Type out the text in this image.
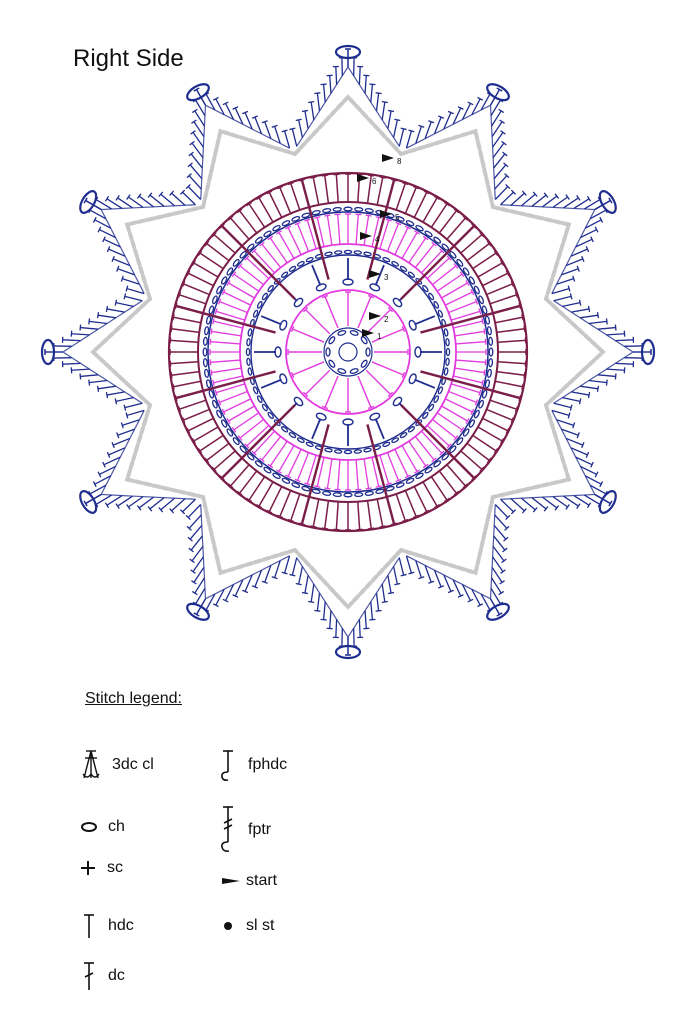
Right Side
1
2
3
4
5
6
8
Stitch legend:
3dc cl
ch
sc
hdc
dc
fphdc
fptr
start
sl st
